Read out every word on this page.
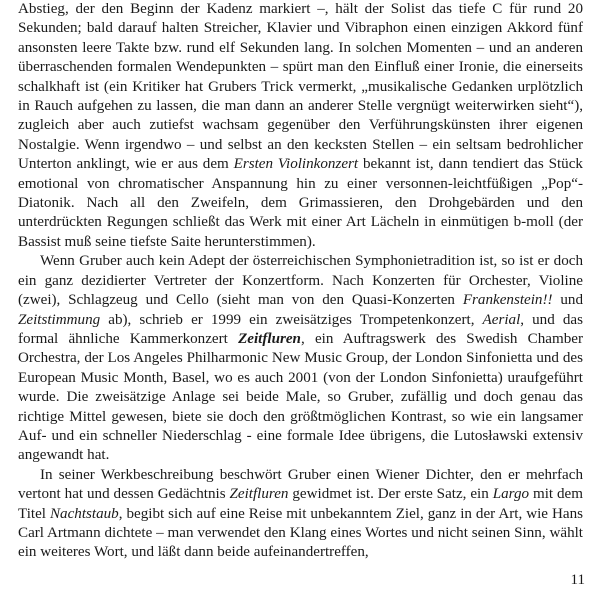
Abstieg, der den Beginn der Kadenz markiert –, hält der Solist das tiefe C für rund 20 Sekunden; bald darauf halten Streicher, Klavier und Vibraphon einen einzigen Akkord fünf ansonsten leere Takte bzw. rund elf Sekunden lang. In solchen Momenten – und an anderen überraschenden formalen Wendepunkten – spürt man den Einfluß einer Ironie, die einerseits schalkhaft ist (ein Kritiker hat Grubers Trick vermerkt, „musikalische Gedanken urplötzlich in Rauch aufgehen zu lassen, die man dann an anderer Stelle vergnügt weiterwirken sieht“), zugleich aber auch zutiefst wachsam gegenüber den Verführungskünsten ihrer eigenen Nostalgie. Wenn irgendwo – und selbst an den kecksten Stellen – ein seltsam bedrohlicher Unterton anklingt, wie er aus dem Ersten Violinkonzert bekannt ist, dann tendiert das Stück emotional von chromatischer Anspannung hin zu einer versonnen-leichtfüßigen „Pop“-Diatonik. Nach all den Zweifeln, dem Grimassieren, den Drohgebärden und den unterdrückten Regungen schließt das Werk mit einer Art Lächeln in einmütigen b-moll (der Bassist muß seine tiefste Saite herunterstimmen).

Wenn Gruber auch kein Adept der österreichischen Symphonietradition ist, so ist er doch ein ganz dezidierter Vertreter der Konzertform. Nach Konzerten für Orchester, Violine (zwei), Schlagzeug und Cello (sieht man von den Quasi-Konzerten Frankenstein!! und Zeitstimmung ab), schrieb er 1999 ein zweisätziges Trompetenkonzert, Aerial, und das formal ähnliche Kammerkonzert Zeitfluren, ein Auftragswerk des Swedish Chamber Orchestra, der Los Angeles Philharmonic New Music Group, der London Sinfonietta und des European Music Month, Basel, wo es auch 2001 (von der London Sinfonietta) uraufgeführt wurde. Die zweisätzige Anlage sei beide Male, so Gruber, zufällig und doch genau das richtige Mittel gewesen, biete sie doch den größtmöglichen Kontrast, so wie ein langsamer Auf- und ein schneller Niederschlag - eine formale Idee übrigens, die Lutosławski extensiv angewandt hat.

In seiner Werkbeschreibung beschwört Gruber einen Wiener Dichter, den er mehrfach vertont hat und dessen Gedächtnis Zeitfluren gewidmet ist. Der erste Satz, ein Largo mit dem Titel Nachtstaub, begibt sich auf eine Reise mit unbekanntem Ziel, ganz in der Art, wie Hans Carl Artmann dichtete – man verwendet den Klang eines Wortes und nicht seinen Sinn, wählt ein weiteres Wort, und läßt dann beide aufeinandertreffen,

11
